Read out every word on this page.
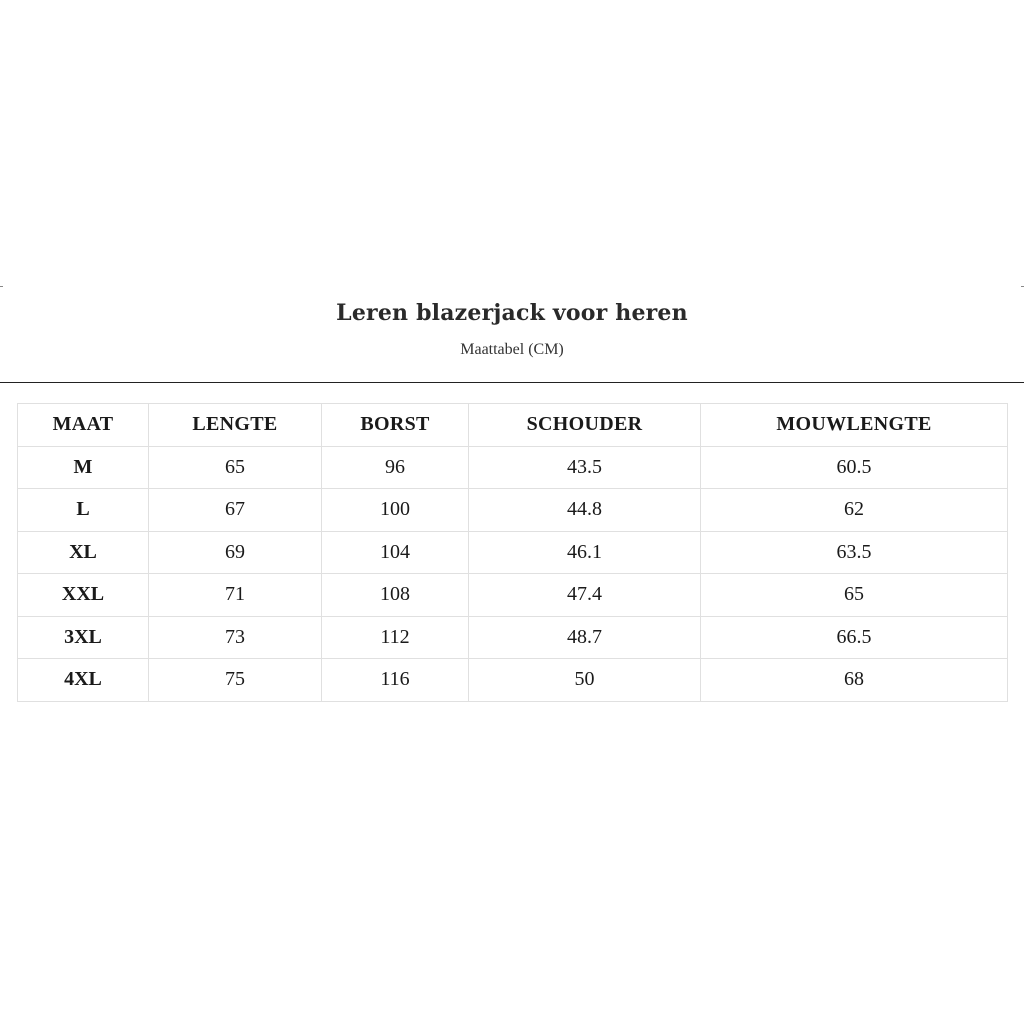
Leren blazerjack voor heren
Maattabel (CM)
MAAT	LENGTE	BORST	SCHOUDER	MOUWLENGTE
M	65	96	43.5	60.5
L	67	100	44.8	62
XL	69	104	46.1	63.5
XXL	71	108	47.4	65
3XL	73	112	48.7	66.5
4XL	75	116	50	68
